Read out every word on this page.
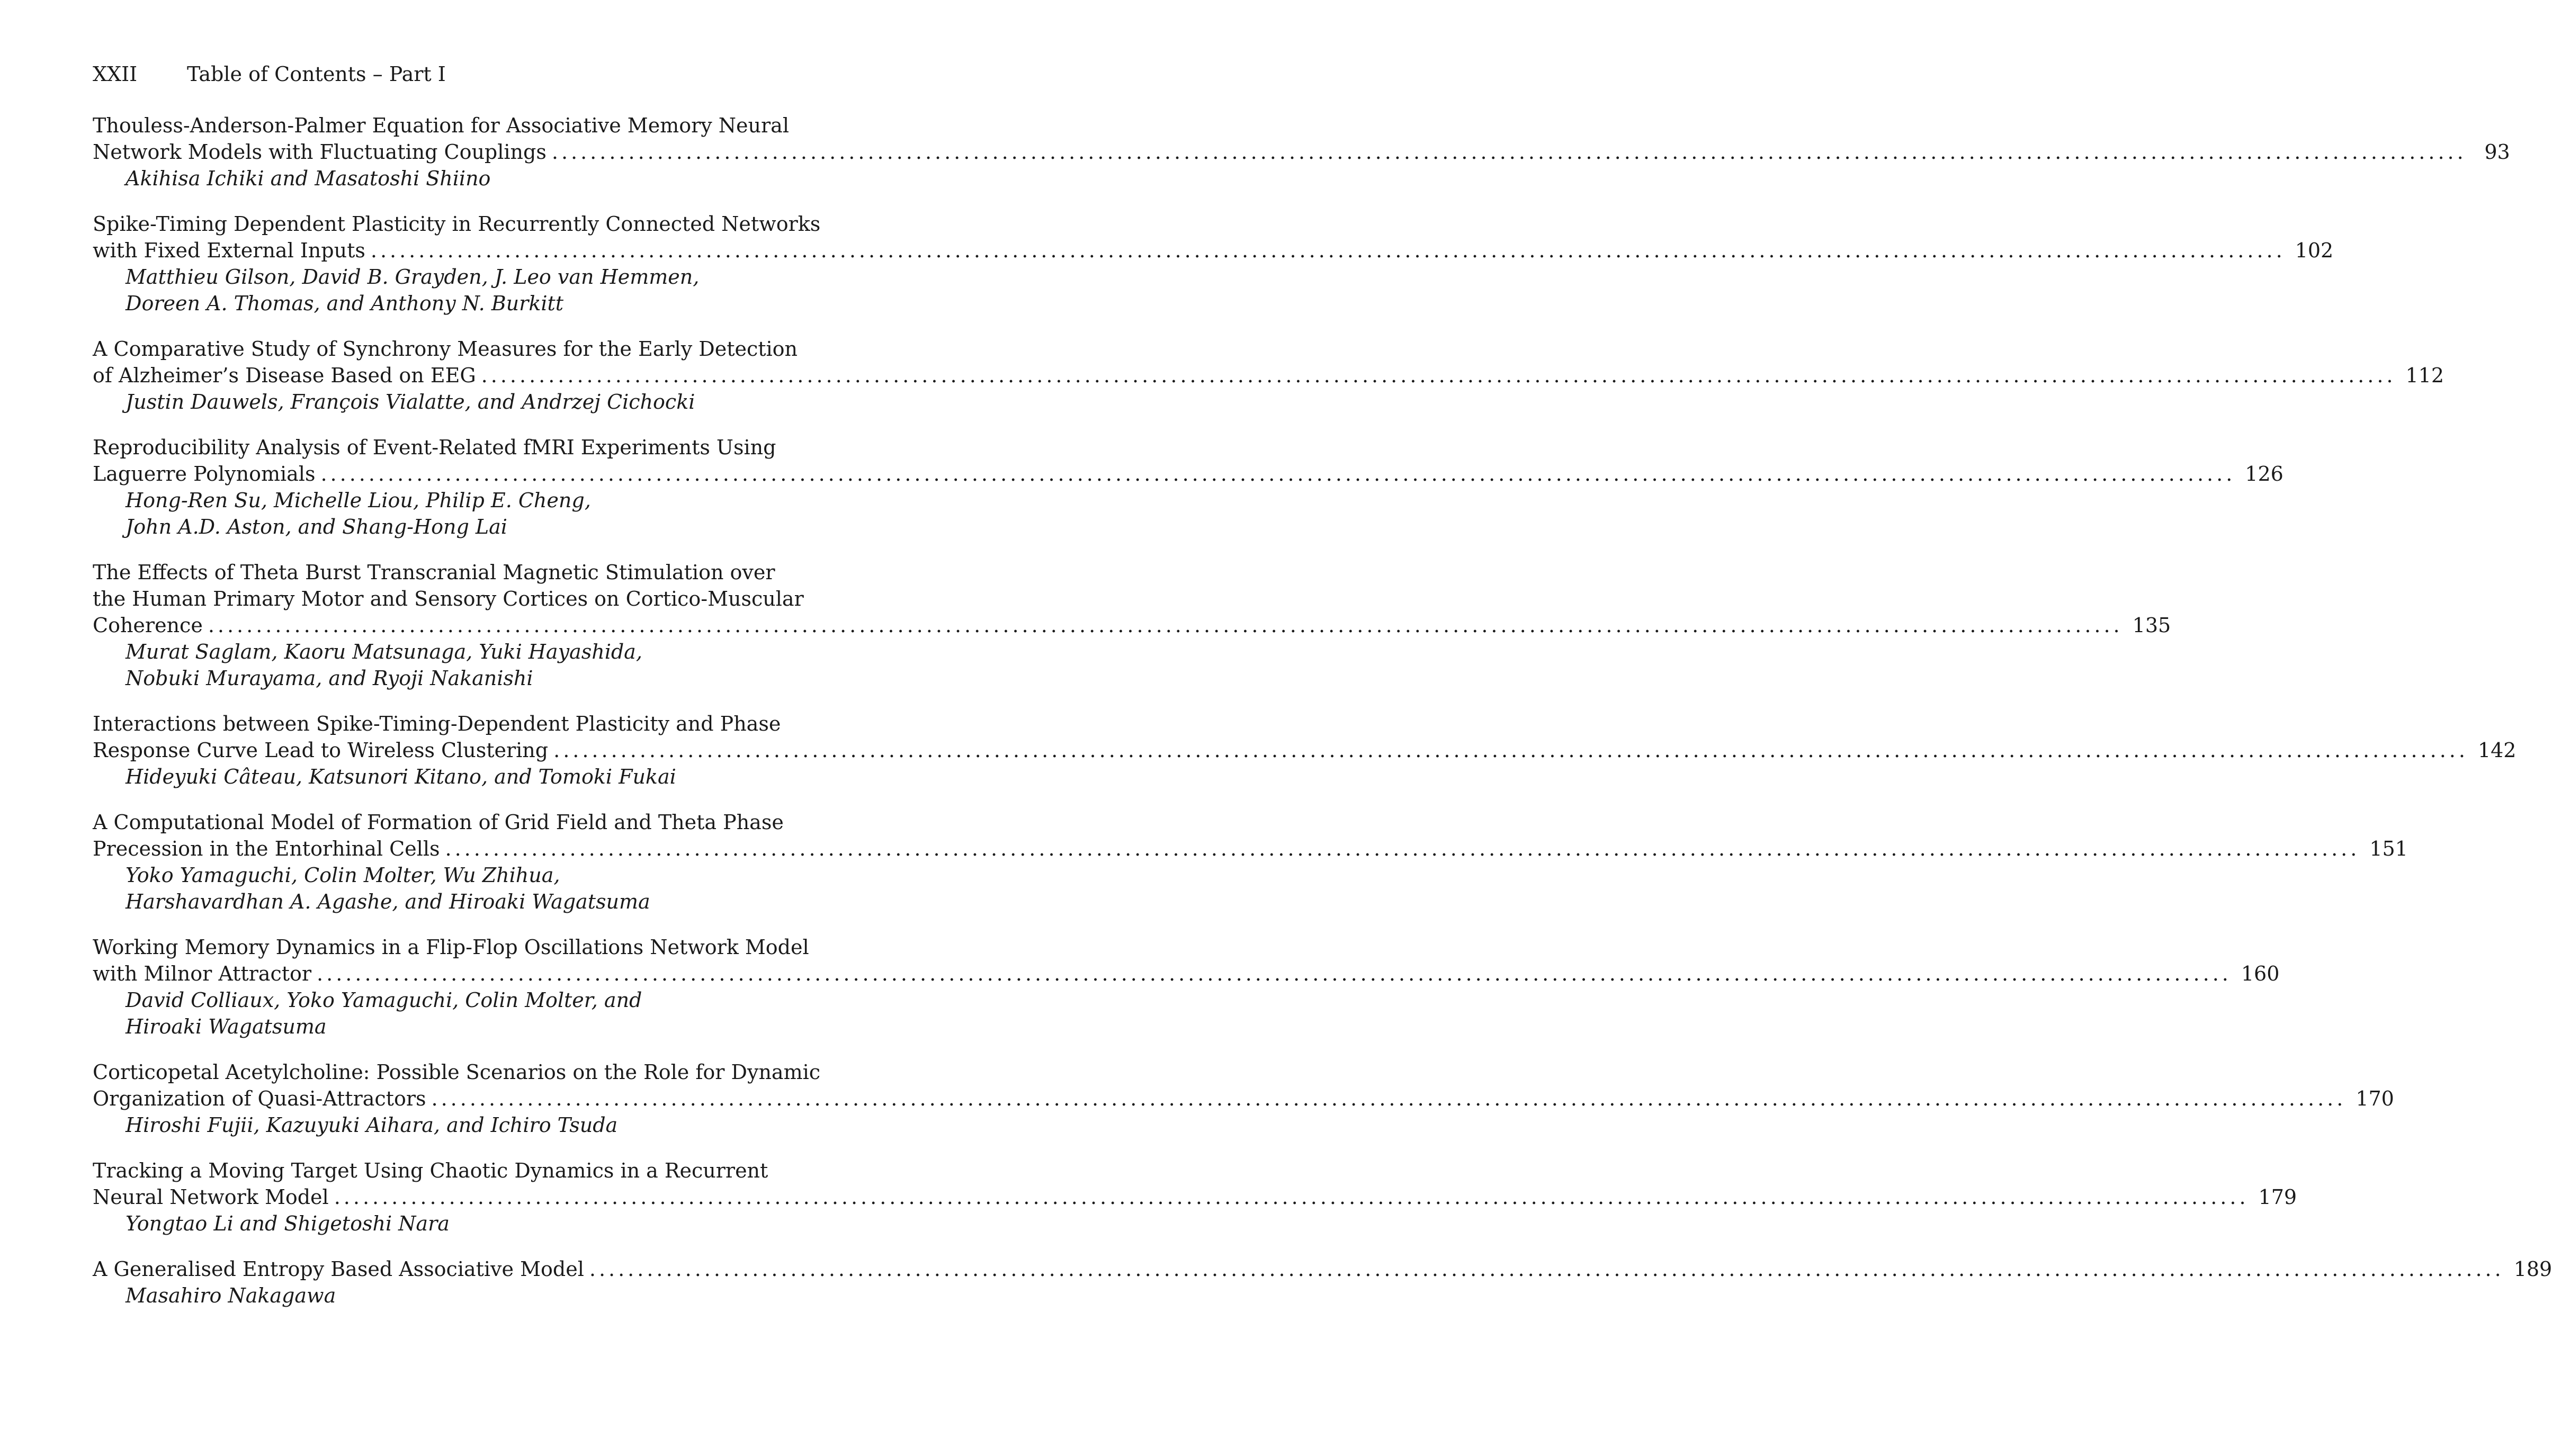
XXII Table of Contents – Part I
Thouless-Anderson-Palmer Equation for Associative Memory Neural
Network Models with Fluctuating Couplings ........................................................................................................................................................................................................ 93
Akihisa Ichiki and Masatoshi Shiino
Spike-Timing Dependent Plasticity in Recurrently Connected Networks
with Fixed External Inputs ........................................................................................................................................................................................................ 102
Matthieu Gilson, David B. Grayden, J. Leo van Hemmen,
Doreen A. Thomas, and Anthony N. Burkitt
A Comparative Study of Synchrony Measures for the Early Detection
of Alzheimer’s Disease Based on EEG ........................................................................................................................................................................................................ 112
Justin Dauwels, François Vialatte, and Andrzej Cichocki
Reproducibility Analysis of Event-Related fMRI Experiments Using
Laguerre Polynomials ........................................................................................................................................................................................................ 126
Hong-Ren Su, Michelle Liou, Philip E. Cheng,
John A.D. Aston, and Shang-Hong Lai
The Effects of Theta Burst Transcranial Magnetic Stimulation over
the Human Primary Motor and Sensory Cortices on Cortico-Muscular
Coherence ........................................................................................................................................................................................................ 135
Murat Saglam, Kaoru Matsunaga, Yuki Hayashida,
Nobuki Murayama, and Ryoji Nakanishi
Interactions between Spike-Timing-Dependent Plasticity and Phase
Response Curve Lead to Wireless Clustering ........................................................................................................................................................................................................ 142
Hideyuki Câteau, Katsunori Kitano, and Tomoki Fukai
A Computational Model of Formation of Grid Field and Theta Phase
Precession in the Entorhinal Cells ........................................................................................................................................................................................................ 151
Yoko Yamaguchi, Colin Molter, Wu Zhihua,
Harshavardhan A. Agashe, and Hiroaki Wagatsuma
Working Memory Dynamics in a Flip-Flop Oscillations Network Model
with Milnor Attractor ........................................................................................................................................................................................................ 160
David Colliaux, Yoko Yamaguchi, Colin Molter, and
Hiroaki Wagatsuma
Corticopetal Acetylcholine: Possible Scenarios on the Role for Dynamic
Organization of Quasi-Attractors ........................................................................................................................................................................................................ 170
Hiroshi Fujii, Kazuyuki Aihara, and Ichiro Tsuda
Tracking a Moving Target Using Chaotic Dynamics in a Recurrent
Neural Network Model ........................................................................................................................................................................................................ 179
Yongtao Li and Shigetoshi Nara
A Generalised Entropy Based Associative Model ........................................................................................................................................................................................................ 189
Masahiro Nakagawa
